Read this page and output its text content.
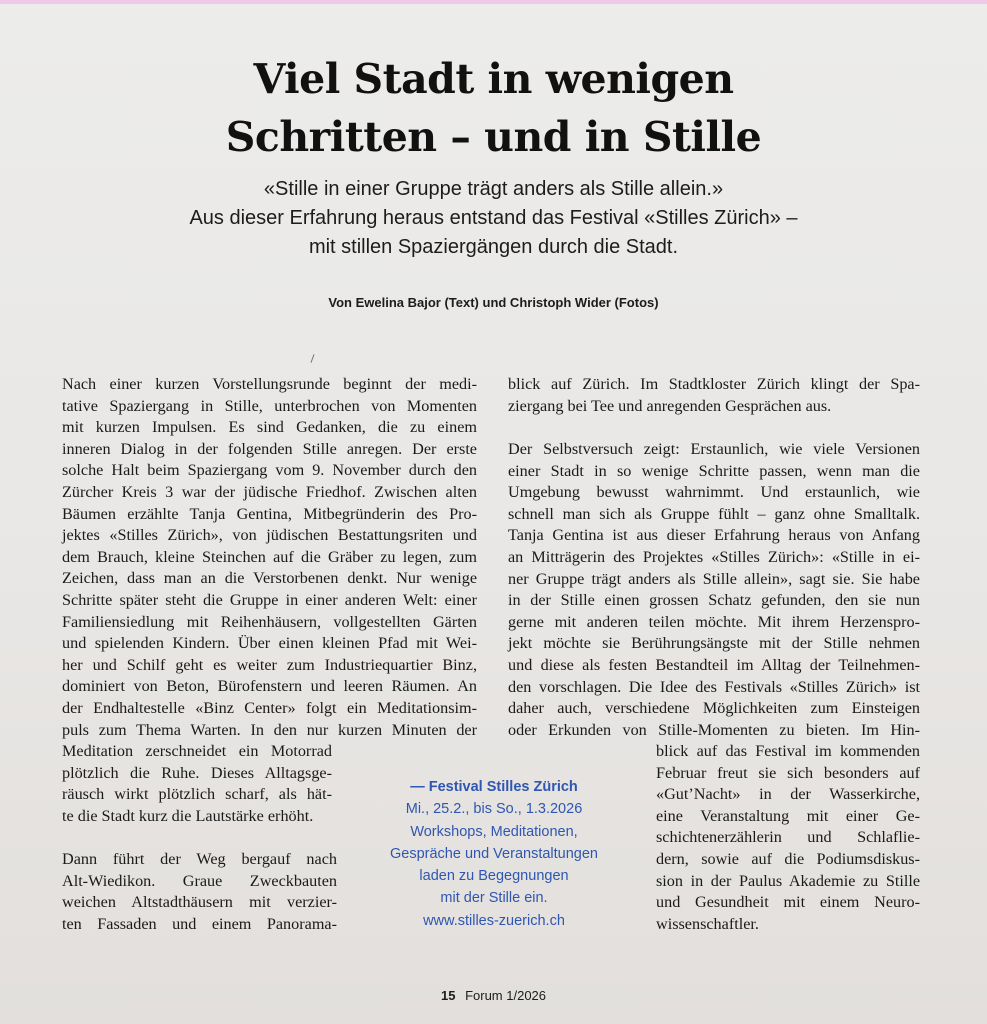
Viel Stadt in wenigen
Schritten – und in Stille
«Stille in einer Gruppe trägt anders als Stille allein.»
Aus dieser Erfahrung heraus entstand das Festival «Stilles Zürich» –
mit stillen Spaziergängen durch die Stadt.
Von Ewelina Bajor (Text) und Christoph Wider (Fotos)
Nach einer kurzen Vorstellungsrunde beginnt der medi-
tative Spaziergang in Stille, unterbrochen von Momenten
mit kurzen Impulsen. Es sind Gedanken, die zu einem
inneren Dialog in der folgenden Stille anregen. Der erste
solche Halt beim Spaziergang vom 9. November durch den
Zürcher Kreis 3 war der jüdische Friedhof. Zwischen alten
Bäumen erzählte Tanja Gentina, Mitbegründerin des Pro-
jektes «Stilles Zürich», von jüdischen Bestattungsriten und
dem Brauch, kleine Steinchen auf die Gräber zu legen, zum
Zeichen, dass man an die Verstorbenen denkt. Nur wenige
Schritte später steht die Gruppe in einer anderen Welt: einer
Familiensiedlung mit Reihenhäusern, vollgestellten Gärten
und spielenden Kindern. Über einen kleinen Pfad mit Wei-
her und Schilf geht es weiter zum Industriequartier Binz,
dominiert von Beton, Bürofenstern und leeren Räumen. An
der Endhaltestelle «Binz Center» folgt ein Meditationsim-
puls zum Thema Warten. In den nur kurzen Minuten der
Meditation zerschneidet ein Motorrad
plötzlich die Ruhe. Dieses Alltagsge-
räusch wirkt plötzlich scharf, als hät-
te die Stadt kurz die Lautstärke erhöht.
Dann führt der Weg bergauf nach
Alt-Wiedikon. Graue Zweckbauten
weichen Altstadthäusern mit verzier-
ten Fassaden und einem Panorama-
blick auf Zürich. Im Stadtkloster Zürich klingt der Spa-
ziergang bei Tee und anregenden Gesprächen aus.
Der Selbstversuch zeigt: Erstaunlich, wie viele Versionen
einer Stadt in so wenige Schritte passen, wenn man die
Umgebung bewusst wahrnimmt. Und erstaunlich, wie
schnell man sich als Gruppe fühlt – ganz ohne Smalltalk.
Tanja Gentina ist aus dieser Erfahrung heraus von Anfang
an Mitträgerin des Projektes «Stilles Zürich»: «Stille in ei-
ner Gruppe trägt anders als Stille allein», sagt sie. Sie habe
in der Stille einen grossen Schatz gefunden, den sie nun
gerne mit anderen teilen möchte. Mit ihrem Herzenspro-
jekt möchte sie Berührungsängste mit der Stille nehmen
und diese als festen Bestandteil im Alltag der Teilnehmen-
den vorschlagen. Die Idee des Festivals «Stilles Zürich» ist
daher auch, verschiedene Möglichkeiten zum Einsteigen
oder Erkunden von Stille-Momenten zu bieten. Im Hin-
blick auf das Festival im kommenden
Februar freut sie sich besonders auf
«Gut’Nacht» in der Wasserkirche,
eine Veranstaltung mit einer Ge-
schichtenerzählerin und Schlaflie-
dern, sowie auf die Podiumsdiskus-
sion in der Paulus Akademie zu Stille
und Gesundheit mit einem Neuro-
wissenschaftler.
— Festival Stilles Zürich
Mi., 25.2., bis So., 1.3.2026
Workshops, Meditationen,
Gespräche und Veranstaltungen
laden zu Begegnungen
mit der Stille ein.
www.stilles-zuerich.ch
15 Forum 1/2026
